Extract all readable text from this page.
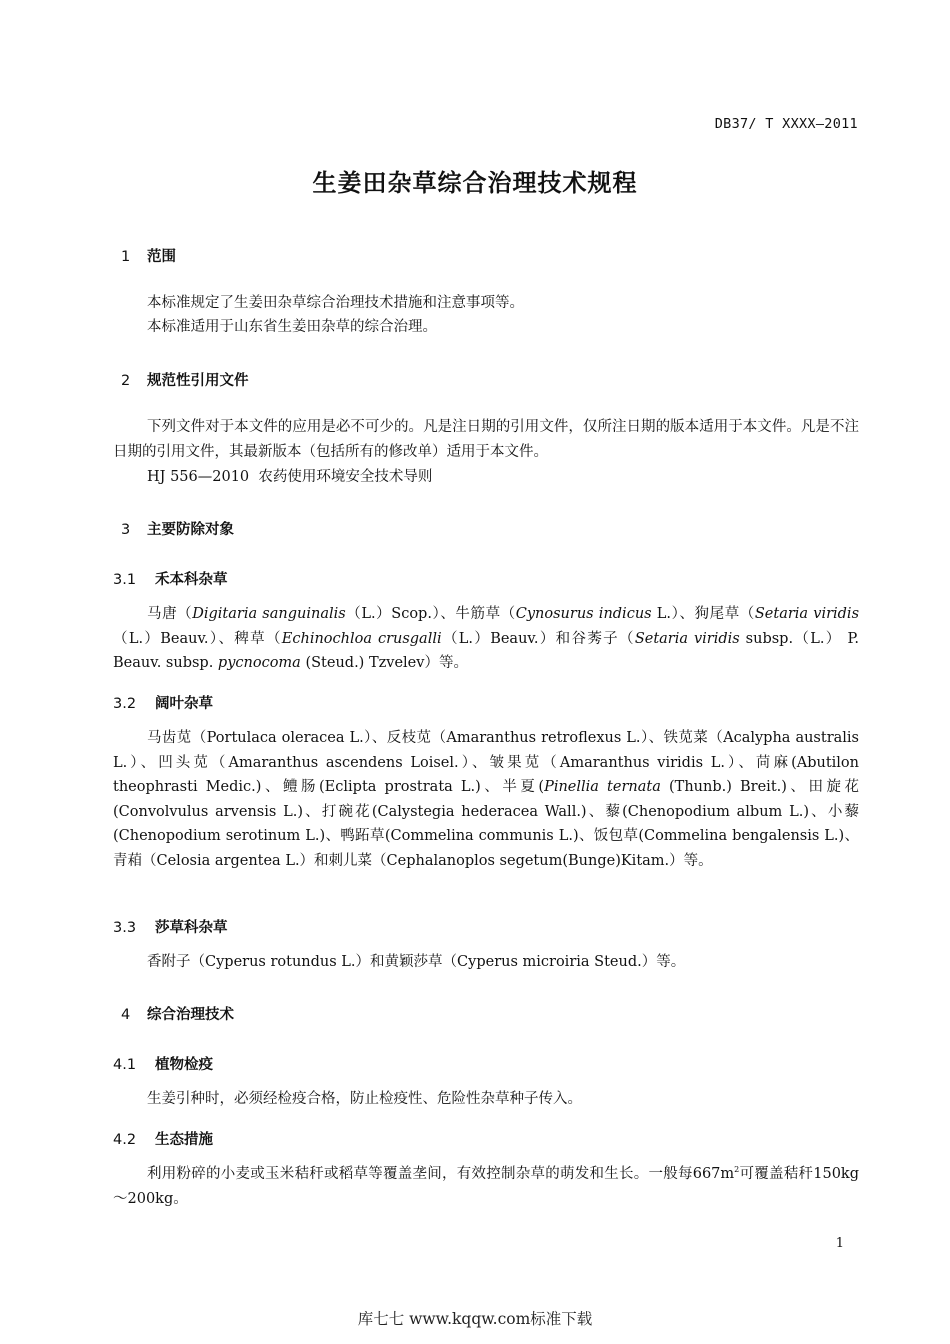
DB37/ T XXXX—2011
生姜田杂草综合治理技术规程
1 范围
本标准规定了生姜田杂草综合治理技术措施和注意事项等。
本标准适用于山东省生姜田杂草的综合治理。
2 规范性引用文件
下列文件对于本文件的应用是必不可少的。凡是注日期的引用文件，仅所注日期的版本适用于本文件。凡是不注日期的引用文件，其最新版本（包括所有的修改单）适用于本文件。
HJ 556—2010  农药使用环境安全技术导则
3 主要防除对象
3.1 禾本科杂草
马唐（Digitaria sanguinalis（L.）Scop.）、牛筋草（Cynosurus indicus L.）、狗尾草（Setaria viridis（L.）Beauv.）、稗草（Echinochloa crusgalli（L.）Beauv.）和谷莠子（Setaria viridis subsp.（L.） P. Beauv. subsp. pycnocoma (Steud.) Tzvelev）等。
3.2 阔叶杂草
马齿苋（Portulaca oleracea L.）、反枝苋（Amaranthus retroflexus L.）、铁苋菜（Acalypha australis L.）、凹头苋（Amaranthus ascendens Loisel.）、皱果苋（Amaranthus viridis L.）、苘麻(Abutilon theophrasti Medic.)、鳢肠(Eclipta prostrata L.)、半夏(Pinellia ternata (Thunb.) Breit.)、田旋花(Convolvulus arvensis L.)、打碗花(Calystegia hederacea Wall.)、藜(Chenopodium album L.)、小藜(Chenopodium serotinum L.)、鸭跖草(Commelina communis L.)、饭包草(Commelina bengalensis L.)、青葙（Celosia argentea L.）和刺儿菜（Cephalanoplos segetum(Bunge)Kitam.）等。
3.3 莎草科杂草
香附子（Cyperus rotundus L.）和黄颖莎草（Cyperus microiria Steud.）等。
4 综合治理技术
4.1 植物检疫
生姜引种时，必须经检疫合格，防止检疫性、危险性杂草种子传入。
4.2 生态措施
利用粉碎的小麦或玉米秸秆或稻草等覆盖垄间，有效控制杂草的萌发和生长。一般每$667m^2$可覆盖秸秆150kg～200kg。
1
库七七 www.kqqw.com标准下载
